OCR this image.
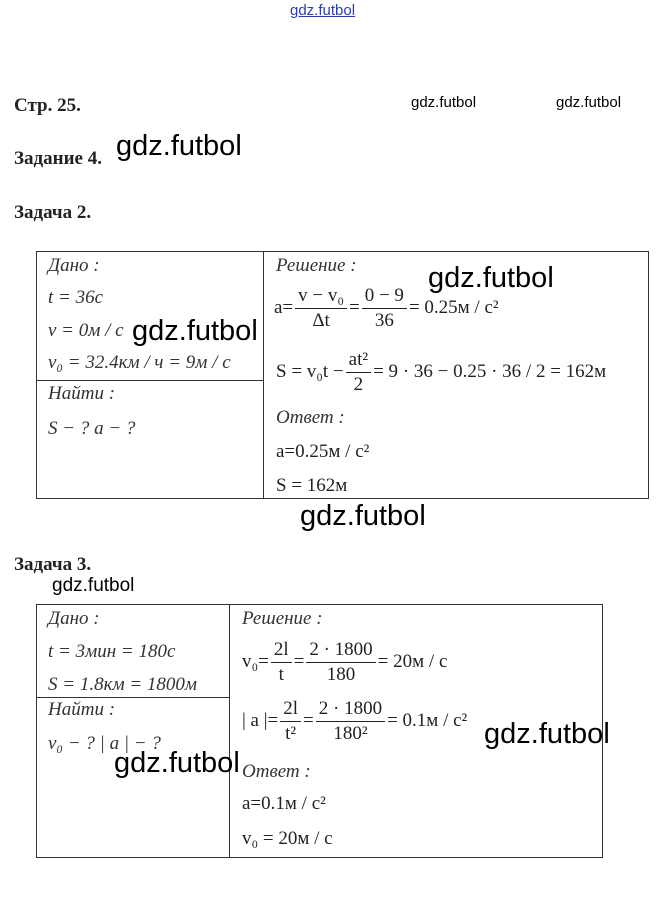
gdz.futbol
gdz.futbol	gdz.futbol
gdz.futbol
Стр. 25.
Задание 4.
Задача 2.
Дано :
t = 36c
v = 0м / c
v₀ = 32.4км / ч = 9м / c
Найти :
S − ? a − ?
Решение :
$a= \frac{\text{v − v₀}}{\Delta t} = \frac{0 - 9}{36} = 0.25м / c^2$
$S = v_0t - \frac{\text{at²}}{2} = 9 \cdot 36 - 0.25 \cdot 36 / 2 = 162м$
Ответ :
a=0.25м / c²
S = 162м
gdz.futbol
gdz.futbol
gdz.futbol
Задача 3.
gdz.futbol
Дано :
t = 3мин = 180c
S = 1.8км = 1800м
Найти :
v₀ − ? | a | − ?
Решение :
$v_0= \frac{2l}{t} = \frac{2 \cdot 1800}{180} = 20м / c$
| a |= $\frac{2l}{\text{t²}} = \frac{2 \cdot 1800}{\text{180²}} = 0.1м / c^2$
Ответ :
a=0.1м / c²
v₀ = 20м / c
gdz.futbol
gdz.futbol
